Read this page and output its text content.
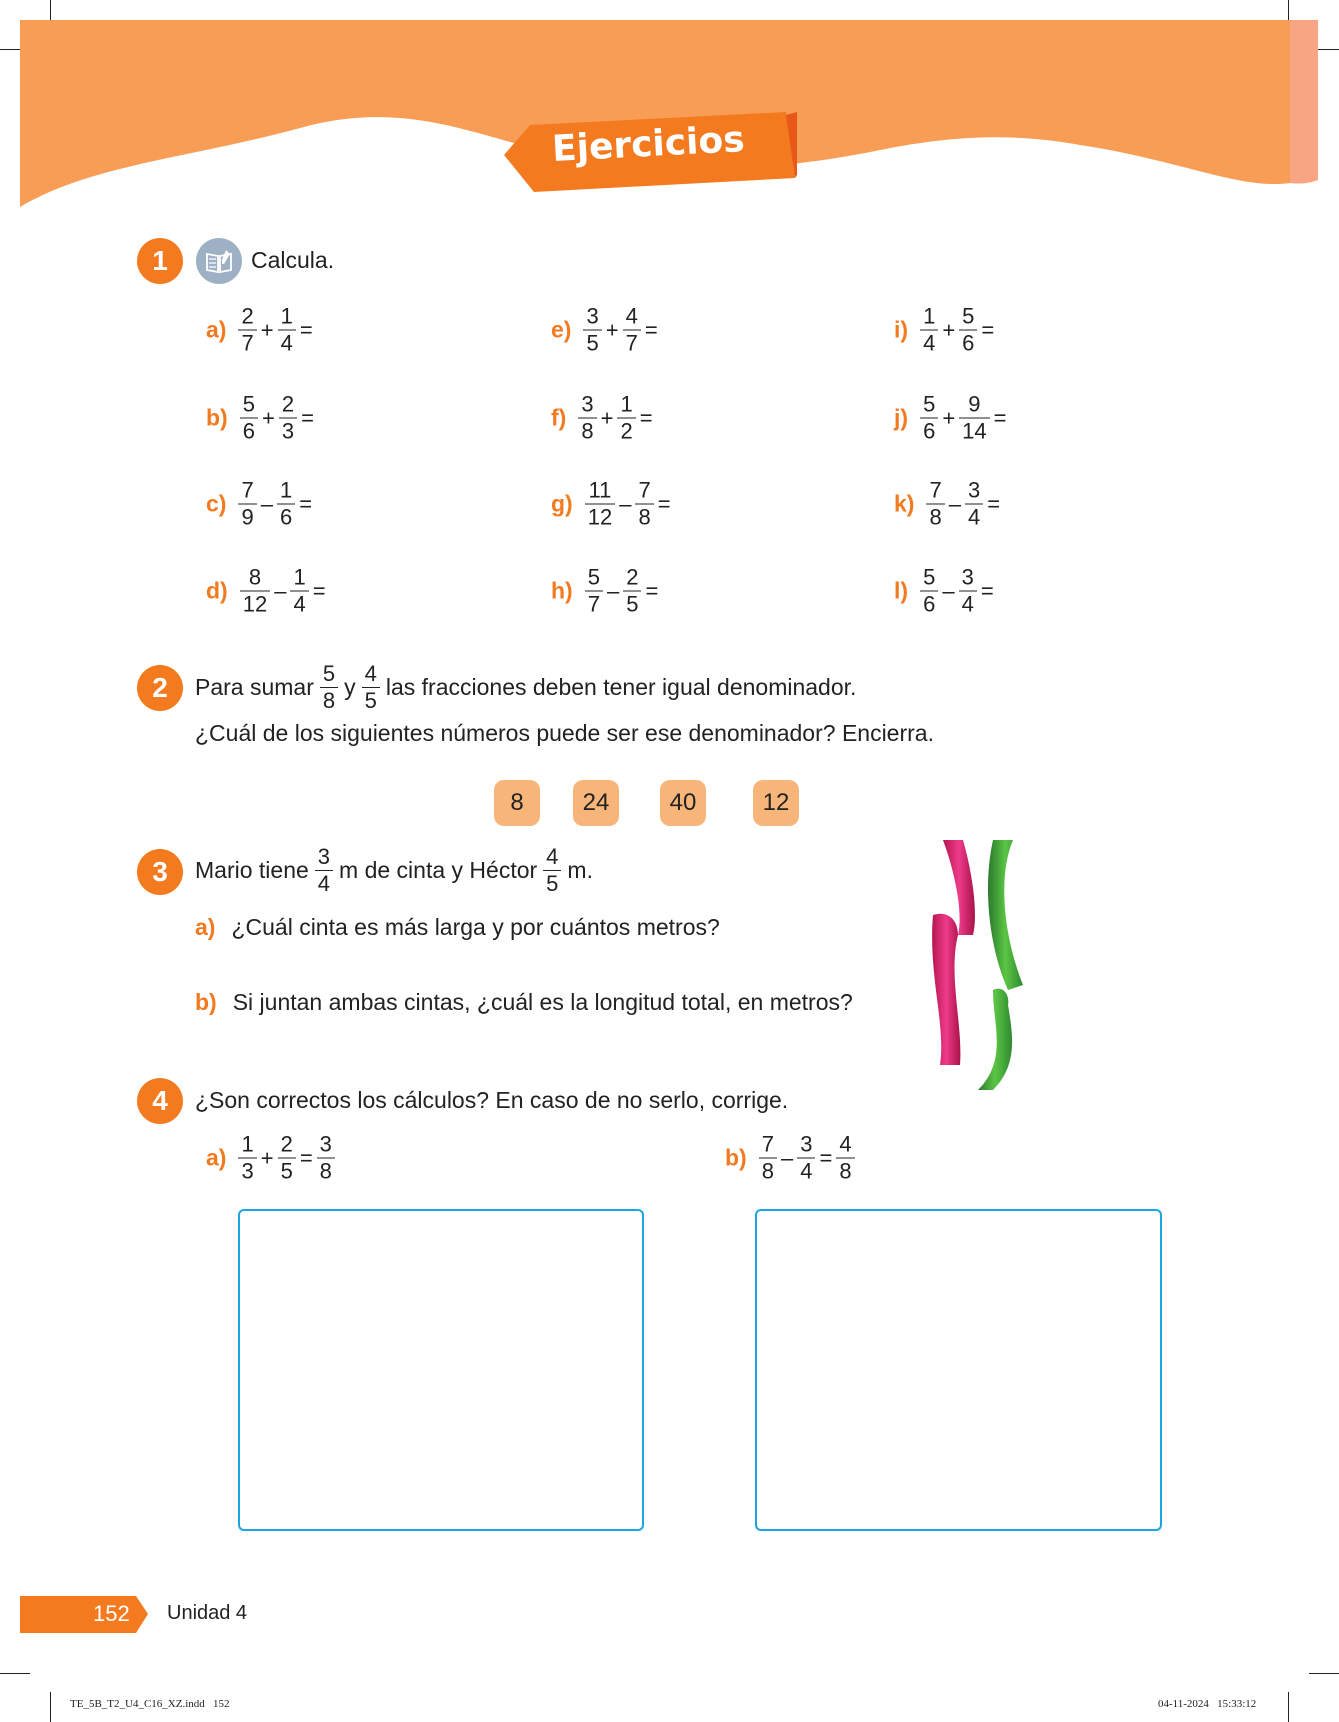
Ejercicios
1	Calcula.
$a) \frac{2}{7} + \frac{1}{4}$ =
$b) \frac{5}{6} + \frac{2}{3}$ =
$c) \frac{7}{9} - \frac{1}{6}$ =
$d) \frac{8}{12} - \frac{1}{4}$ =
$e) \frac{3}{5} + \frac{4}{7}$ =
$f) \frac{3}{8} + \frac{1}{2}$ =
$g) \frac{11}{12} - \frac{7}{8}$ =
$h) \frac{5}{7} - \frac{2}{5}$ =
$i) \frac{1}{4} + \frac{5}{6}$ =
$j) \frac{5}{6} + \frac{9}{14}$ =
$k) \frac{7}{8} - \frac{3}{4}$ =
$l) \frac{5}{6} - \frac{3}{4}$ =
2	Para sumar $\frac{5}{8}$ y $\frac{4}{5}$ las fracciones deben tener igual denominador.
¿Cuál de los siguientes números puede ser ese denominador? Encierra.
8	24	40	12
3	Mario tiene $\frac{3}{4}$ m de cinta y Héctor $\frac{4}{5} m$.
a) ¿Cuál cinta es más larga y por cuántos metros?
b) Si juntan ambas cintas, ¿cuál es la longitud total, en metros?
4	¿Son correctos los cálculos? En caso de no serlo, corrige.
$a) \frac{1}{3} + \frac{2}{5} = \frac{3}{8}$	$b) \frac{7}{8} - \frac{3}{4} = \frac{4}{8}$
152 Unidad 4
TE_5B_T2_U4_C16_XZ.indd   152	04-11-2024   15:33:12
